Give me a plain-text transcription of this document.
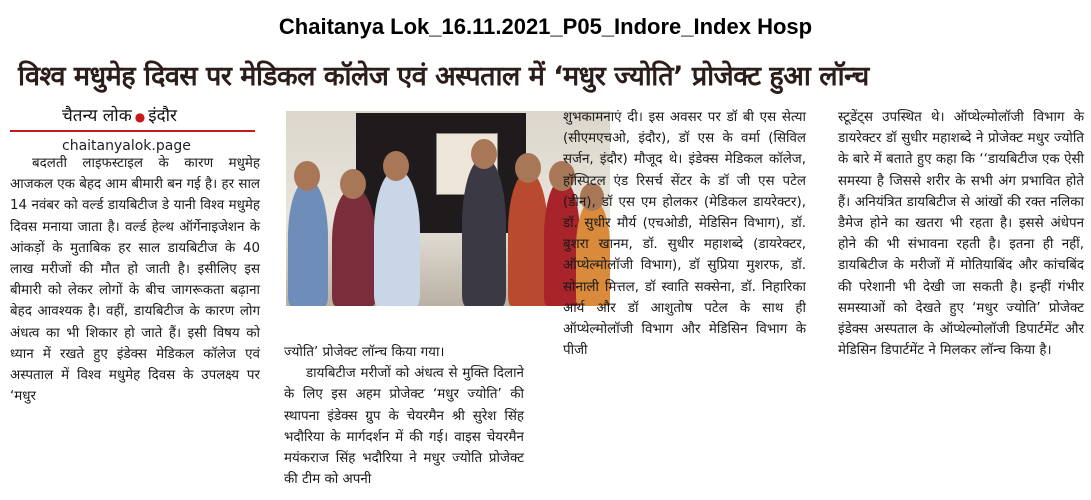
Chaitanya Lok_16.11.2021_P05_Indore_Index Hosp
विश्व मधुमेह दिवस पर मेडिकल कॉलेज एवं अस्पताल में ‘मधुर ज्योति’ प्रोजेक्ट हुआ लॉन्च
चैतन्य लोक ● इंदौर
chaitanyalok.page

बदलती लाइफस्टाइल के कारण मधुमेह आजकल एक बेहद आम बीमारी बन गई है। हर साल 14 नवंबर को वर्ल्ड डायबिटीज डे यानी विश्व मधुमेह दिवस मनाया जाता है। वर्ल्ड हेल्थ ऑर्गेनाइजेशन के आंकड़ों के मुताबिक हर साल डायबिटीज के 40 लाख मरीजों की मौत हो जाती है। इसीलिए इस बीमारी को लेकर लोगों के बीच जागरूकता बढ़ाना बेहद आवश्यक है। वहीं, डायबिटीज के कारण लोग अंधत्व का भी शिकार हो जाते हैं। इसी विषय को ध्यान में रखते हुए इंडेक्स मेडिकल कॉलेज एवं अस्पताल में विश्व मधुमेह दिवस के उपलक्ष्य पर ‘मधुर

ज्योति’ प्रोजेक्ट लॉन्च किया गया।

डायबिटीज मरीजों को अंधत्व से मुक्ति दिलाने के लिए इस अहम प्रोजेक्ट ‘मधुर ज्योति’ की स्थापना इंडेक्स ग्रुप के चेयरमैन श्री सुरेश सिंह भदौरिया के मार्गदर्शन में की गई। वाइस चेयरमैन मयंकराज सिंह भदौरिया ने मधुर ज्योति प्रोजेक्ट की टीम को अपनी

शुभकामनाएं दी। इस अवसर पर डॉ बी एस सेत्या (सीएमएचओ, इंदौर), डॉ एस के वर्मा (सिविल सर्जन, इंदौर) मौजूद थे। इंडेक्स मेडिकल कॉलेज, हॉस्पिटल एंड रिसर्च सेंटर के डॉ जी एस पटेल (डीन), डॉ एस एम होलकर (मेडिकल डायरेक्टर), डॉ. सुधीर मौर्य (एचओडी, मेडिसिन विभाग), डॉ. बुशरा खानम, डॉ. सुधीर महाशब्दे (डायरेक्टर, ऑप्थेल्मोलॉजी विभाग), डॉ सुप्रिया मुशरफ, डॉ. सोनाली मित्तल, डॉ स्वाति सक्सेना, डॉ. निहारिका आर्य और डॉ आशुतोष पटेल के साथ ही ऑप्थेल्मोलॉजी विभाग और मेडिसिन विभाग के पीजी

स्टूडेंट्स उपस्थित थे। ऑप्थेल्मोलॉजी विभाग के डायरेक्टर डॉ सुधीर महाशब्दे ने प्रोजेक्ट मधुर ज्योति के बारे में बताते हुए कहा कि ‘‘डायबिटीज एक ऐसी समस्या है जिससे शरीर के सभी अंग प्रभावित होते हैं। अनियंत्रित डायबिटीज से आंखों की रक्त नलिका डैमेज होने का खतरा भी रहता है। इससे अंधेपन होने की भी संभावना रहती है। इतना ही नहीं, डायबिटीज के मरीजों में मोतियाबिंद और कांचबिंद की परेशानी भी देखी जा सकती है। इन्हीं गंभीर समस्याओं को देखते हुए ‘मधुर ज्योति’ प्रोजेक्ट इंडेक्स अस्पताल के ऑप्थेल्मोलॉजी डिपार्टमेंट और मेडिसिन डिपार्टमेंट ने मिलकर लॉन्च किया है।
